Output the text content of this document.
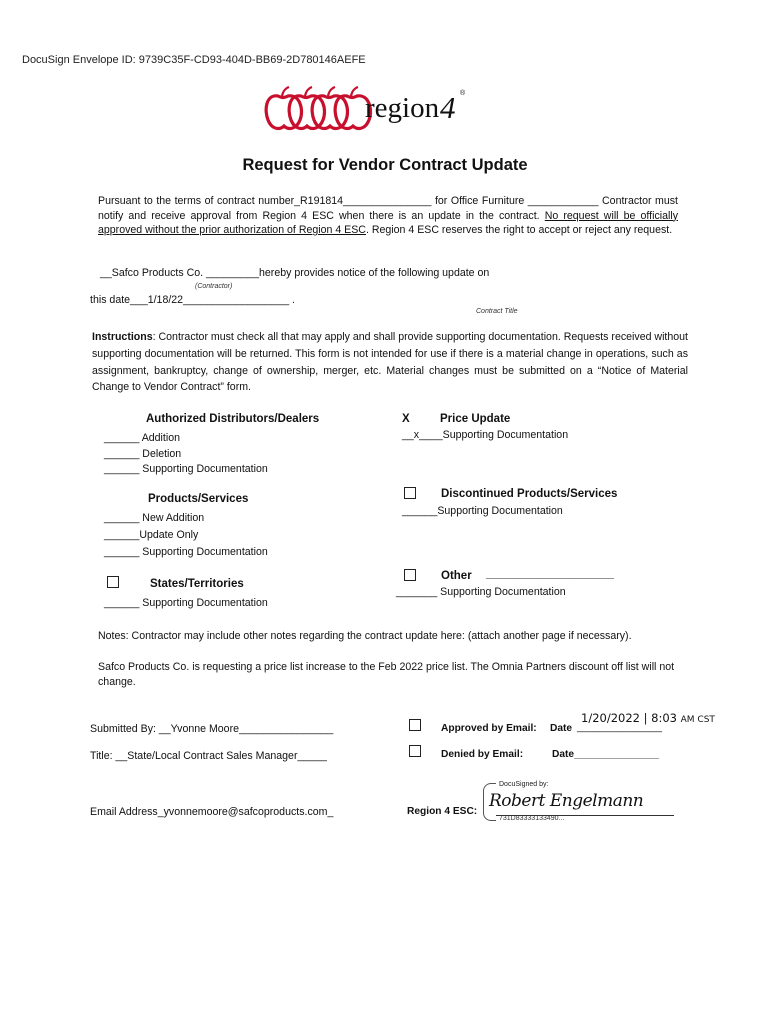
DocuSign Envelope ID: 9739C35F-CD93-404D-BB69-2D780146AEFE
region 4 ®
Request for Vendor Contract Update
Pursuant to the terms of contract number_R191814_______________ for Office Furniture ____________ Contractor must notify and receive approval from Region 4 ESC when there is an update in the contract. No request will be officially approved without the prior authorization of Region 4 ESC. Region 4 ESC reserves the right to accept or reject any request.
__Safco Products Co. _________hereby provides notice of the following update on
(Contractor)
this date___1/18/22__________________ .
Contract Title
Instructions: Contractor must check all that may apply and shall provide supporting documentation. Requests received without supporting documentation will be returned. This form is not intended for use if there is a material change in operations, such as assignment, bankruptcy, change of ownership, merger, etc. Material changes must be submitted on a “Notice of Material Change to Vendor Contract” form.
Authorized Distributors/Dealers
______ Addition
______ Deletion
______ Supporting Documentation
X	Price Update
__x____Supporting Documentation
Products/Services
______ New Addition
______Update Only
______ Supporting Documentation
Discontinued Products/Services
______Supporting Documentation
States/Territories
______ Supporting Documentation
Other ____________________
_______ Supporting Documentation
Notes: Contractor may include other notes regarding the contract update here: (attach another page if necessary).
Safco Products Co. is requesting a price list increase to the Feb 2022 price list. The Omnia Partners discount off list will not change.
Submitted By: __Yvonne Moore________________
Title: __State/Local Contract Sales Manager_____
Email Address_yvonnemoore@safcoproducts.com_
1/20/2022 | 8:03 AM CST
Approved by Email: Date _______________
Denied by Email:	Date_______________
Region 4 ESC:
DocuSigned by:
Robert Engelmann
731D83333133490...
